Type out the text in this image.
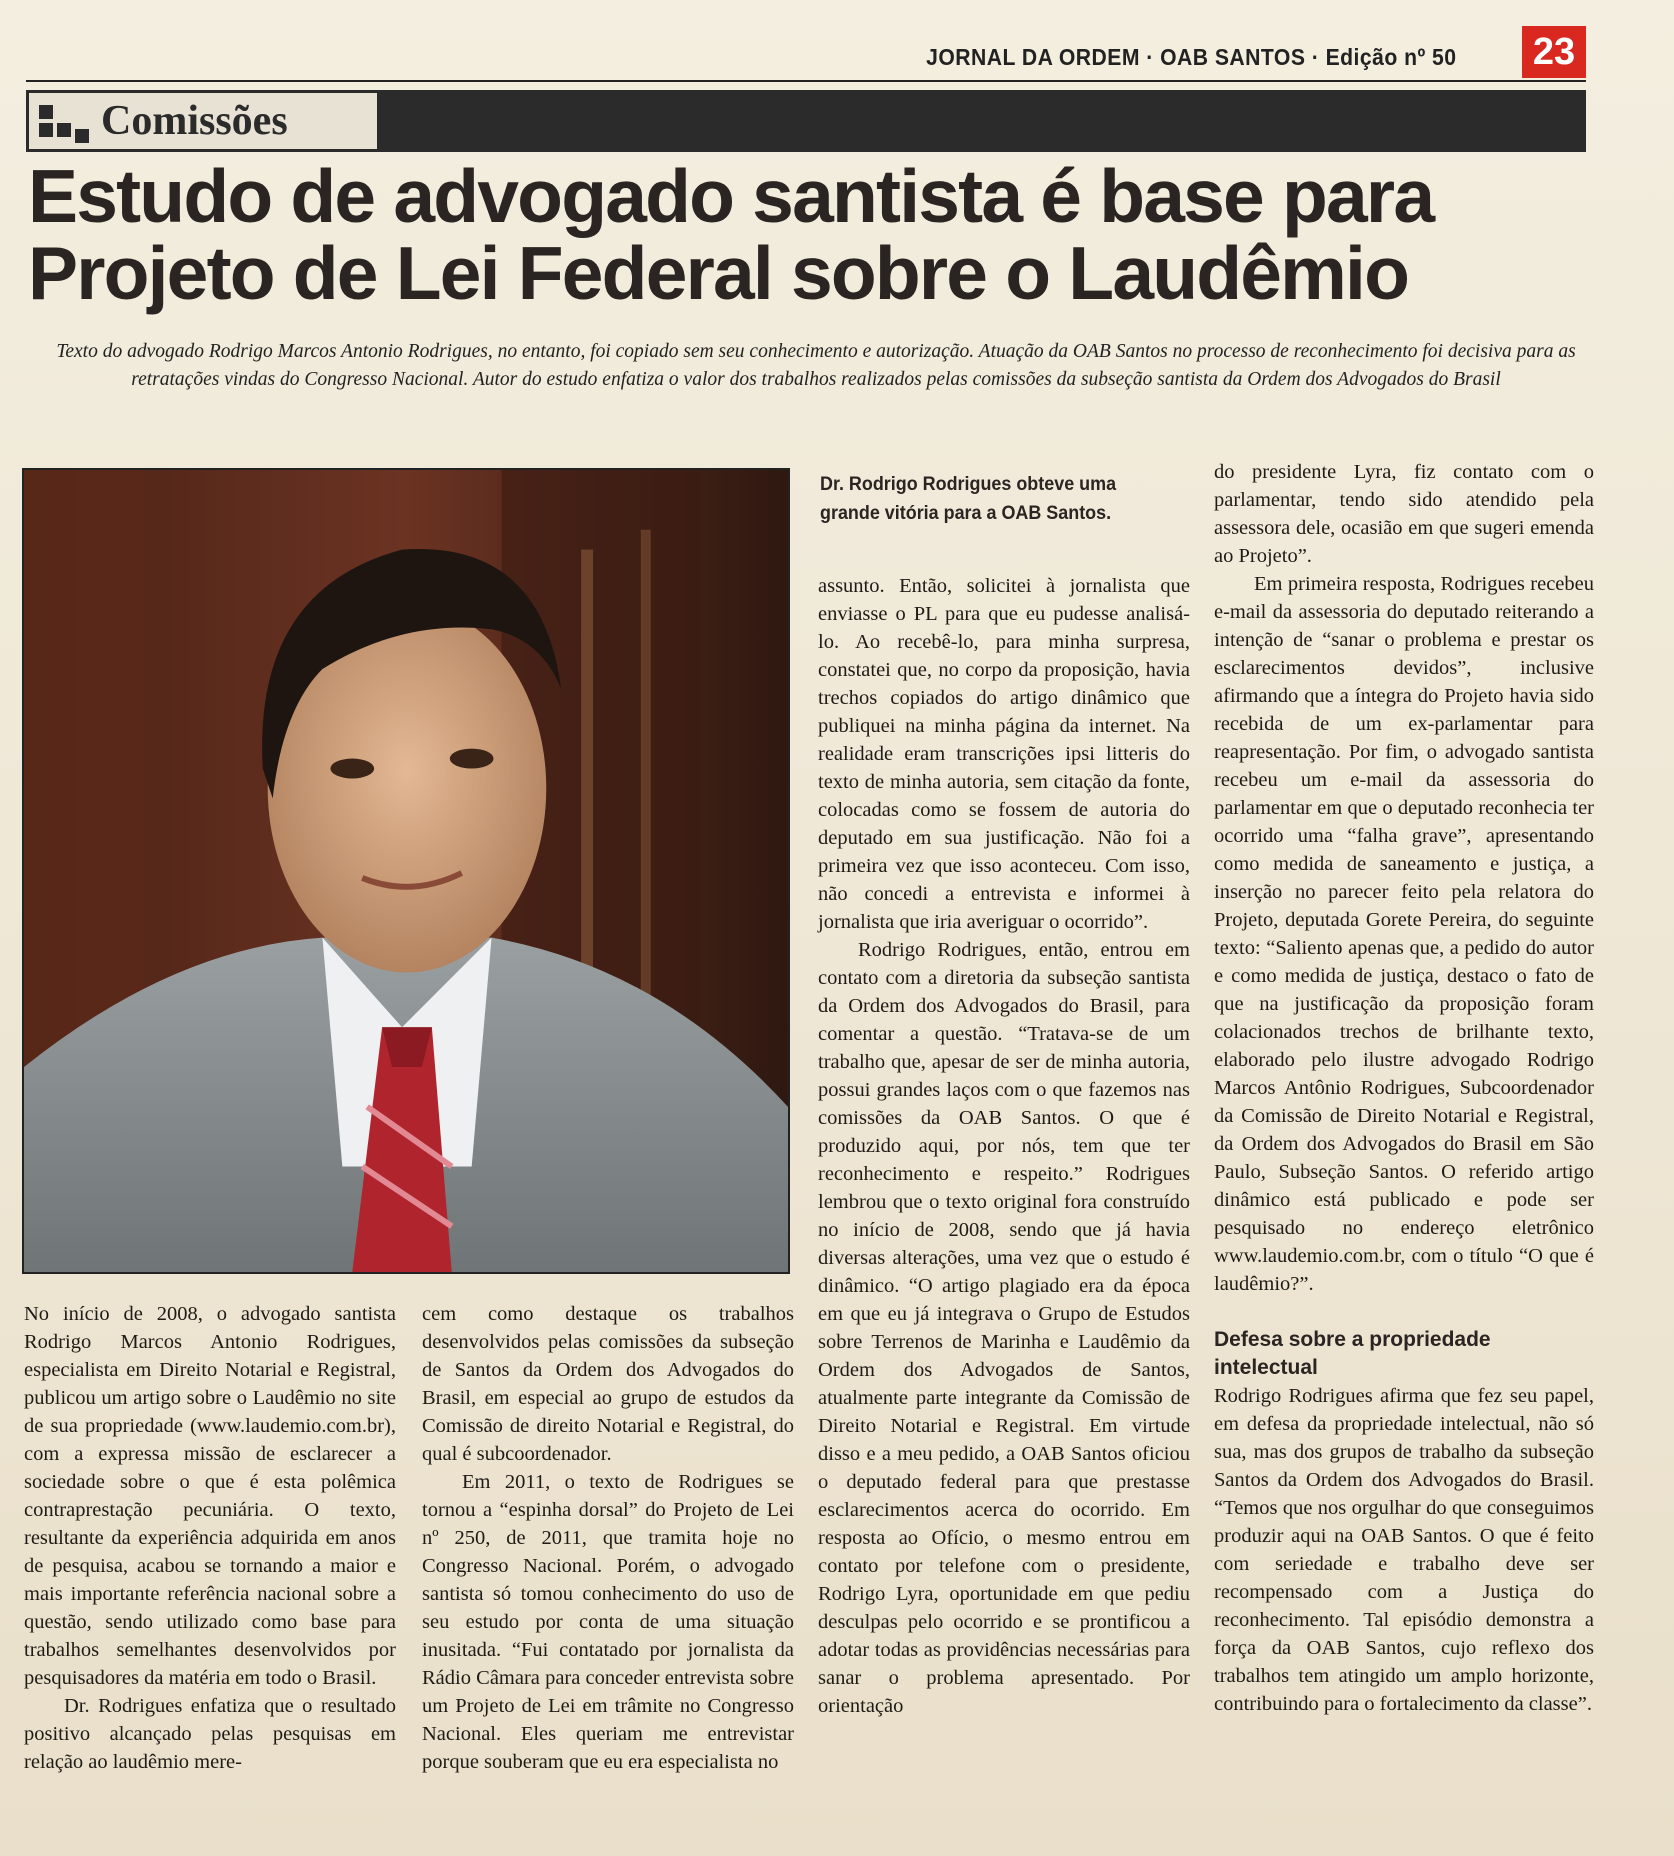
JORNAL DA ORDEM · OAB SANTOS · Edição nº 50 23
Comissões
Estudo de advogado santista é base para
Projeto de Lei Federal sobre o Laudêmio
Texto do advogado Rodrigo Marcos Antonio Rodrigues, no entanto, foi copiado sem seu conhecimento e autorização. Atuação da OAB Santos no processo de reconhecimento foi decisiva para as retratações vindas do Congresso Nacional. Autor do estudo enfatiza o valor dos trabalhos realizados pelas comissões da subseção santista da Ordem dos Advogados do Brasil
Dr. Rodrigo Rodrigues obteve uma grande vitória para a OAB Santos.

No início de 2008, o advogado santista Rodrigo Marcos Antonio Rodrigues, especialista em Direito Notarial e Registral, publicou um artigo sobre o Laudêmio no site de sua propriedade (www.laudemio.com.br), com a expressa missão de esclarecer a sociedade sobre o que é esta polêmica contraprestação pecuniária. O texto, resultante da experiência adquirida em anos de pesquisa, acabou se tornando a maior e mais importante referência nacional sobre a questão, sendo utilizado como base para trabalhos semelhantes desenvolvidos por pesquisadores da matéria em todo o Brasil.

Dr. Rodrigues enfatiza que o resultado positivo alcançado pelas pesquisas em relação ao laudêmio mere-

cem como destaque os trabalhos desenvolvidos pelas comissões da subseção de Santos da Ordem dos Advogados do Brasil, em especial ao grupo de estudos da Comissão de direito Notarial e Registral, do qual é subcoordenador.

Em 2011, o texto de Rodrigues se tornou a “espinha dorsal” do Projeto de Lei nº 250, de 2011, que tramita hoje no Congresso Nacional. Porém, o advogado santista só tomou conhecimento do uso de seu estudo por conta de uma situação inusitada. “Fui contatado por jornalista da Rádio Câmara para conceder entrevista sobre um Projeto de Lei em trâmite no Congresso Nacional. Eles queriam me entrevistar porque souberam que eu era especialista no

assunto. Então, solicitei à jornalista que enviasse o PL para que eu pudesse analisá-lo. Ao recebê-lo, para minha surpresa, constatei que, no corpo da proposição, havia trechos copiados do artigo dinâmico que publiquei na minha página da internet. Na realidade eram transcrições ipsi litteris do texto de minha autoria, sem citação da fonte, colocadas como se fossem de autoria do deputado em sua justificação. Não foi a primeira vez que isso aconteceu. Com isso, não concedi a entrevista e informei à jornalista que iria averiguar o ocorrido”.

Rodrigo Rodrigues, então, entrou em contato com a diretoria da subseção santista da Ordem dos Advogados do Brasil, para comentar a questão. “Tratava-se de um trabalho que, apesar de ser de minha autoria, possui grandes laços com o que fazemos nas comissões da OAB Santos. O que é produzido aqui, por nós, tem que ter reconhecimento e respeito.” Rodrigues lembrou que o texto original fora construído no início de 2008, sendo que já havia diversas alterações, uma vez que o estudo é dinâmico. “O artigo plagiado era da época em que eu já integrava o Grupo de Estudos sobre Terrenos de Marinha e Laudêmio da Ordem dos Advogados de Santos, atualmente parte integrante da Comissão de Direito Notarial e Registral. Em virtude disso e a meu pedido, a OAB Santos oficiou o deputado federal para que prestasse esclarecimentos acerca do ocorrido. Em resposta ao Ofício, o mesmo entrou em contato por telefone com o presidente, Rodrigo Lyra, oportunidade em que pediu desculpas pelo ocorrido e se prontificou a adotar todas as providências necessárias para sanar o problema apresentado. Por orientação

do presidente Lyra, fiz contato com o parlamentar, tendo sido atendido pela assessora dele, ocasião em que sugeri emenda ao Projeto”.

Em primeira resposta, Rodrigues recebeu e-mail da assessoria do deputado reiterando a intenção de “sanar o problema e prestar os esclarecimentos devidos”, inclusive afirmando que a íntegra do Projeto havia sido recebida de um ex-parlamentar para reapresentação. Por fim, o advogado santista recebeu um e-mail da assessoria do parlamentar em que o deputado reconhecia ter ocorrido uma “falha grave”, apresentando como medida de saneamento e justiça, a inserção no parecer feito pela relatora do Projeto, deputada Gorete Pereira, do seguinte texto: “Saliento apenas que, a pedido do autor e como medida de justiça, destaco o fato de que na justificação da proposição foram colacionados trechos de brilhante texto, elaborado pelo ilustre advogado Rodrigo Marcos Antônio Rodrigues, Subcoordenador da Comissão de Direito Notarial e Registral, da Ordem dos Advogados do Brasil em São Paulo, Subseção Santos. O referido artigo dinâmico está publicado e pode ser pesquisado no endereço eletrônico www.laudemio.com.br, com o título “O que é laudêmio?”.

Defesa sobre a propriedade intelectual

Rodrigo Rodrigues afirma que fez seu papel, em defesa da propriedade intelectual, não só sua, mas dos grupos de trabalho da subseção Santos da Ordem dos Advogados do Brasil. “Temos que nos orgulhar do que conseguimos produzir aqui na OAB Santos. O que é feito com seriedade e trabalho deve ser recompensado com a Justiça do reconhecimento. Tal episódio demonstra a força da OAB Santos, cujo reflexo dos trabalhos tem atingido um amplo horizonte, contribuindo para o fortalecimento da classe”.
